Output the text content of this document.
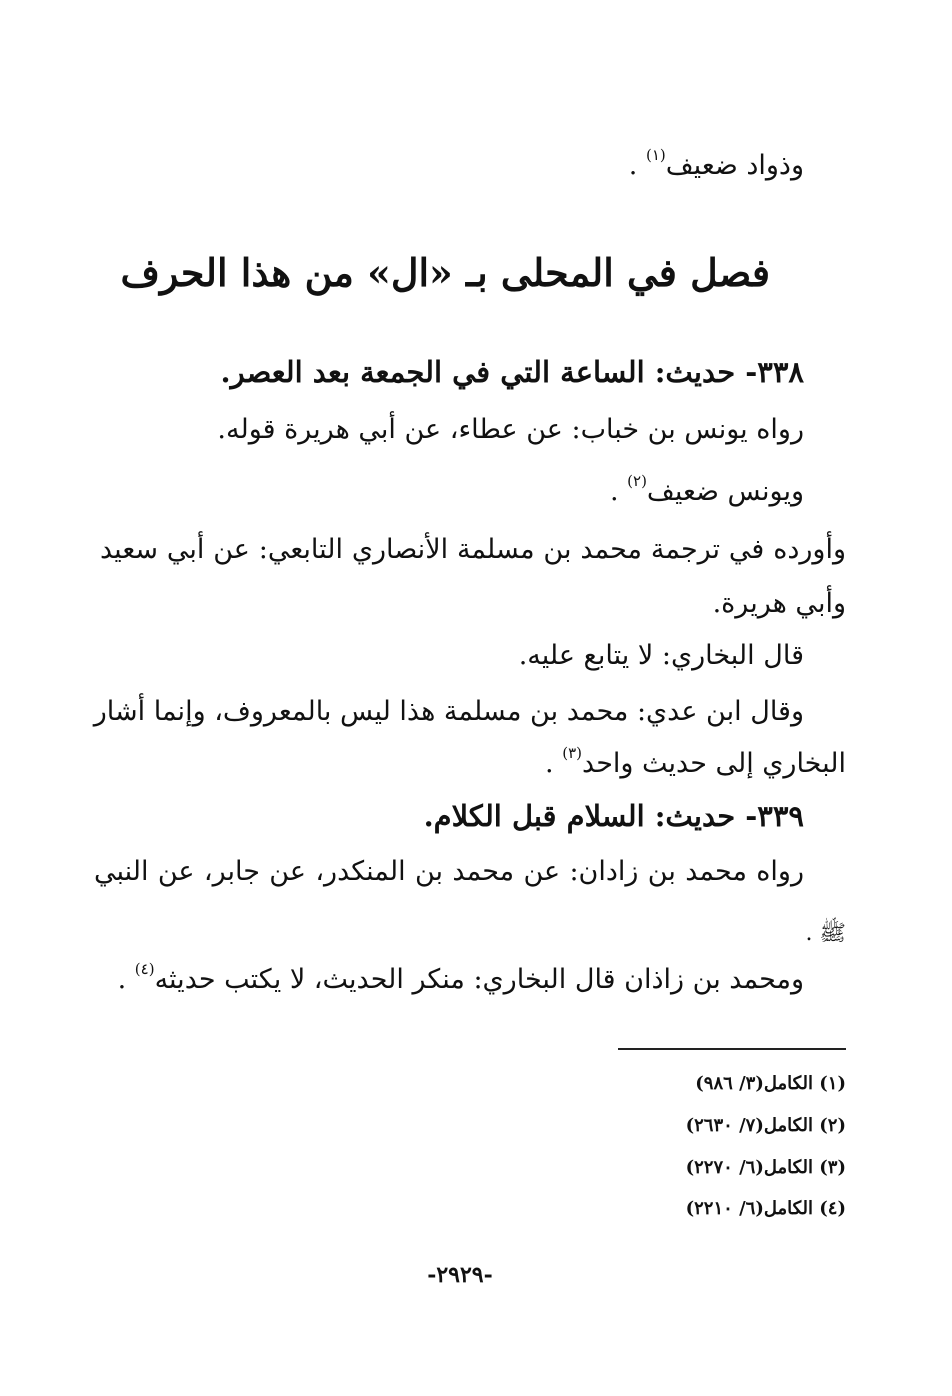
وذواد ضعيف$^{(١)}$ .
فصل في المحلى بـ «ال» من هذا الحرف
٣٣٨- حديث: الساعة التي في الجمعة بعد العصر.
رواه يونس بن خباب: عن عطاء، عن أبي هريرة قوله.
ويونس ضعيف$^{(٢)}$ .
وأورده في ترجمة محمد بن مسلمة الأنصاري التابعي: عن أبي سعيد
وأبي هريرة.
قال البخاري: لا يتابع عليه.
وقال ابن عدي: محمد بن مسلمة هذا ليس بالمعروف، وإنما أشار
البخاري إلى حديث واحد$^{(٣)}$ .
٣٣٩- حديث: السلام قبل الكلام.
رواه محمد بن زادان: عن محمد بن المنكدر، عن جابر، عن النبي
ﷺ .
ومحمد بن زاذان قال البخاري: منكر الحديث، لا يكتب حديثه$^{(٤)}$ .
(١) الكامل(٣/ ٩٨٦)
(٢) الكامل(٧/ ٢٦٣٠)
(٣) الكامل(٦/ ٢٢٧٠)
(٤) الكامل(٦/ ٢٢١٠)
-٢٩٢٩-
